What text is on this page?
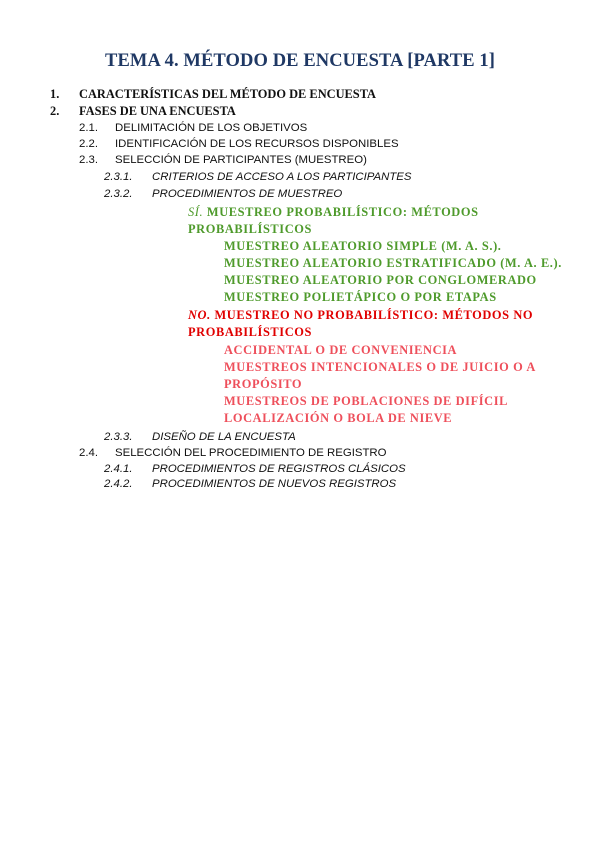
TEMA 4. MÉTODO DE ENCUESTA [PARTE 1]
1. CARACTERÍSTICAS DEL MÉTODO DE ENCUESTA
2. FASES DE UNA ENCUESTA
2.1. DELIMITACIÓN DE LOS OBJETIVOS
2.2. IDENTIFICACIÓN DE LOS RECURSOS DISPONIBLES
2.3. SELECCIÓN DE PARTICIPANTES (MUESTREO)
2.3.1. CRITERIOS DE ACCESO A LOS PARTICIPANTES
2.3.2. PROCEDIMIENTOS DE MUESTREO
SÍ. MUESTREO PROBABILÍSTICO: MÉTODOS
PROBABILÍSTICOS
MUESTREO ALEATORIO SIMPLE (M. A. S.).
MUESTREO ALEATORIO ESTRATIFICADO (M. A. E.).
MUESTREO ALEATORIO POR CONGLOMERADO
MUESTREO POLIETÁPICO O POR ETAPAS
NO. MUESTREO NO PROBABILÍSTICO: MÉTODOS NO
PROBABILÍSTICOS
ACCIDENTAL O DE CONVENIENCIA
MUESTREOS INTENCIONALES O DE JUICIO O A
PROPÓSITO
MUESTREOS DE POBLACIONES DE DIFÍCIL
LOCALIZACIÓN O BOLA DE NIEVE
2.3.3. DISEÑO DE LA ENCUESTA
2.4. SELECCIÓN DEL PROCEDIMIENTO DE REGISTRO
2.4.1. PROCEDIMIENTOS DE REGISTROS CLÁSICOS
2.4.2. PROCEDIMIENTOS DE NUEVOS REGISTROS
